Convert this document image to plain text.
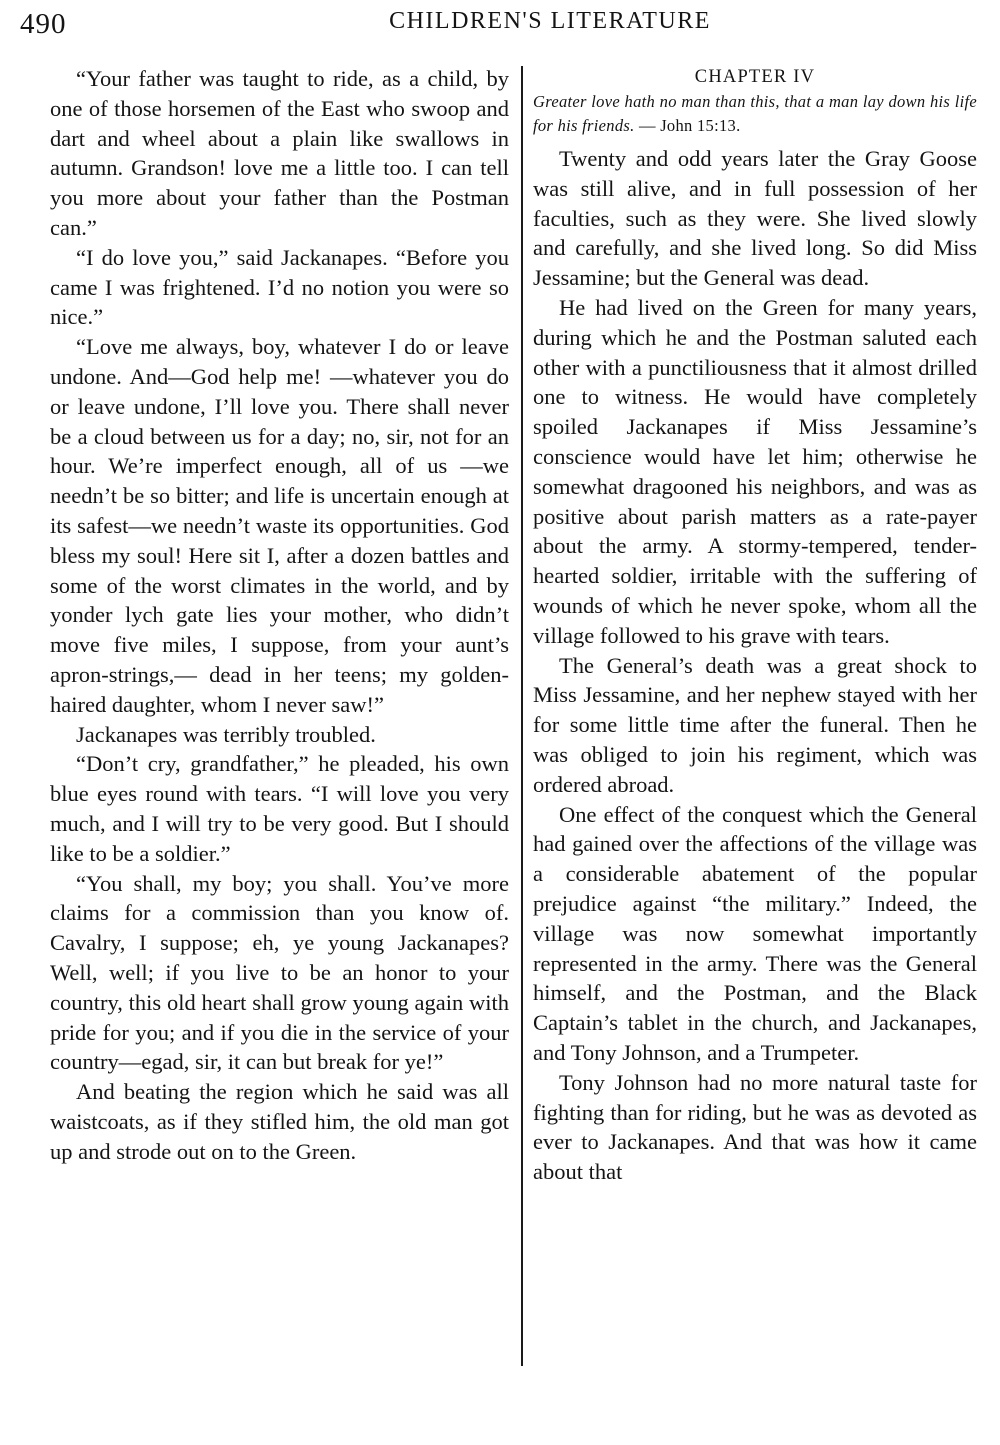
490	CHILDREN'S LITERATURE

“Your father was taught to ride, as a child, by one of those horsemen of the East who swoop and dart and wheel about a plain like swallows in autumn. Grandson! love me a little too. I can tell you more about your father than the Postman can.”

“I do love you,” said Jackanapes. “Before you came I was frightened. I’d no notion you were so nice.”

“Love me always, boy, whatever I do or leave undone. And—God help me! —whatever you do or leave undone, I’ll love you. There shall never be a cloud between us for a day; no, sir, not for an hour. We’re imperfect enough, all of us —we needn’t be so bitter; and life is uncertain enough at its safest—we needn’t waste its opportunities. God bless my soul! Here sit I, after a dozen battles and some of the worst climates in the world, and by yonder lych gate lies your mother, who didn’t move five miles, I suppose, from your aunt’s apron-strings,— dead in her teens; my golden-haired daughter, whom I never saw!”

Jackanapes was terribly troubled.

“Don’t cry, grandfather,” he pleaded, his own blue eyes round with tears. “I will love you very much, and I will try to be very good. But I should like to be a soldier.”

“You shall, my boy; you shall. You’ve more claims for a commission than you know of. Cavalry, I suppose; eh, ye young Jackanapes? Well, well; if you live to be an honor to your country, this old heart shall grow young again with pride for you; and if you die in the service of your country—egad, sir, it can but break for ye!”

And beating the region which he said was all waistcoats, as if they stifled him, the old man got up and strode out on to the Green.

CHAPTER IV

Greater love hath no man than this, that a man lay down his life for his friends. — John 15:13.

Twenty and odd years later the Gray Goose was still alive, and in full possession of her faculties, such as they were. She lived slowly and carefully, and she lived long. So did Miss Jessamine; but the General was dead.

He had lived on the Green for many years, during which he and the Postman saluted each other with a punctiliousness that it almost drilled one to witness. He would have completely spoiled Jackanapes if Miss Jessamine’s conscience would have let him; otherwise he somewhat dragooned his neighbors, and was as positive about parish matters as a rate-payer about the army. A stormy-tempered, tender-hearted soldier, irritable with the suffering of wounds of which he never spoke, whom all the village followed to his grave with tears.

The General’s death was a great shock to Miss Jessamine, and her nephew stayed with her for some little time after the funeral. Then he was obliged to join his regiment, which was ordered abroad.

One effect of the conquest which the General had gained over the affections of the village was a considerable abatement of the popular prejudice against “the military.” Indeed, the village was now somewhat importantly represented in the army. There was the General himself, and the Postman, and the Black Captain’s tablet in the church, and Jackanapes, and Tony Johnson, and a Trumpeter.

Tony Johnson had no more natural taste for fighting than for riding, but he was as devoted as ever to Jackanapes. And that was how it came about that
